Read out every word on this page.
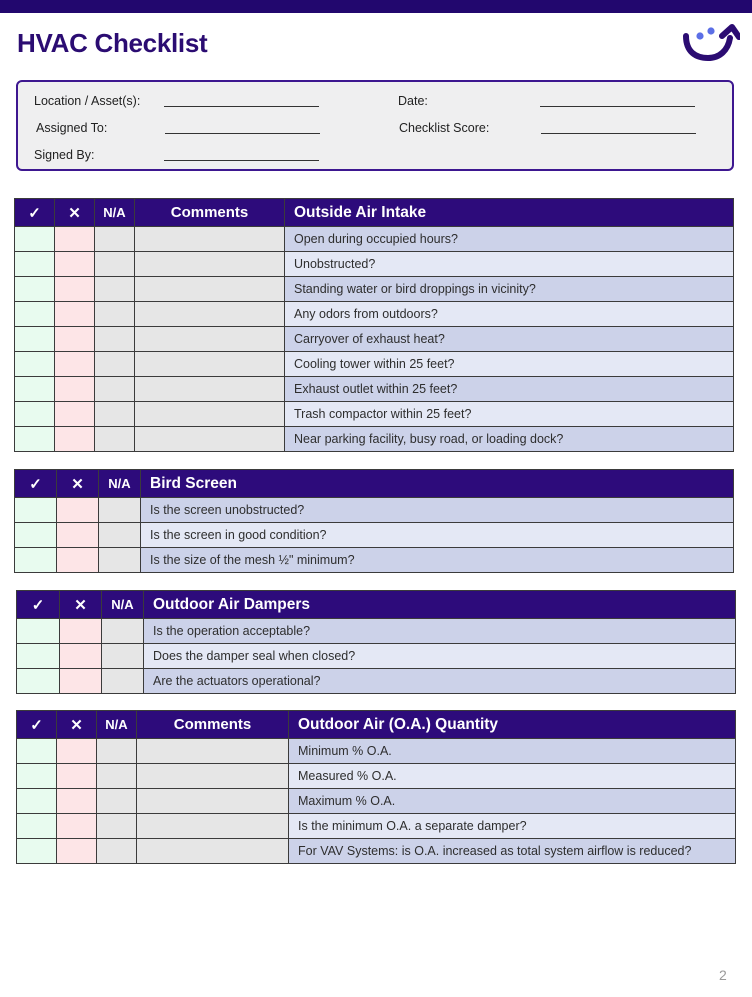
HVAC Checklist
Location / Asset(s):
Assigned To:
Signed By:
Date:
Checklist Score:
✓	✕	N/A	Comments	Outside Air Intake
				Open during occupied hours?
				Unobstructed?
				Standing water or bird droppings in vicinity?
				Any odors from outdoors?
				Carryover of exhaust heat?
				Cooling tower within 25 feet?
				Exhaust outlet within 25 feet?
				Trash compactor within 25 feet?
				Near parking facility, busy road, or loading dock?
✓	✕	N/A	Bird Screen
			Is the screen unobstructed?
			Is the screen in good condition?
			Is the size of the mesh ½" minimum?
✓	✕	N/A	Outdoor Air Dampers
			Is the operation acceptable?
			Does the damper seal when closed?
			Are the actuators operational?
✓	✕	N/A	Comments	Outdoor Air (O.A.) Quantity
				Minimum % O.A.
				Measured % O.A.
				Maximum % O.A.
				Is the minimum O.A. a separate damper?
				For VAV Systems: is O.A. increased as total system airflow is reduced?
2
